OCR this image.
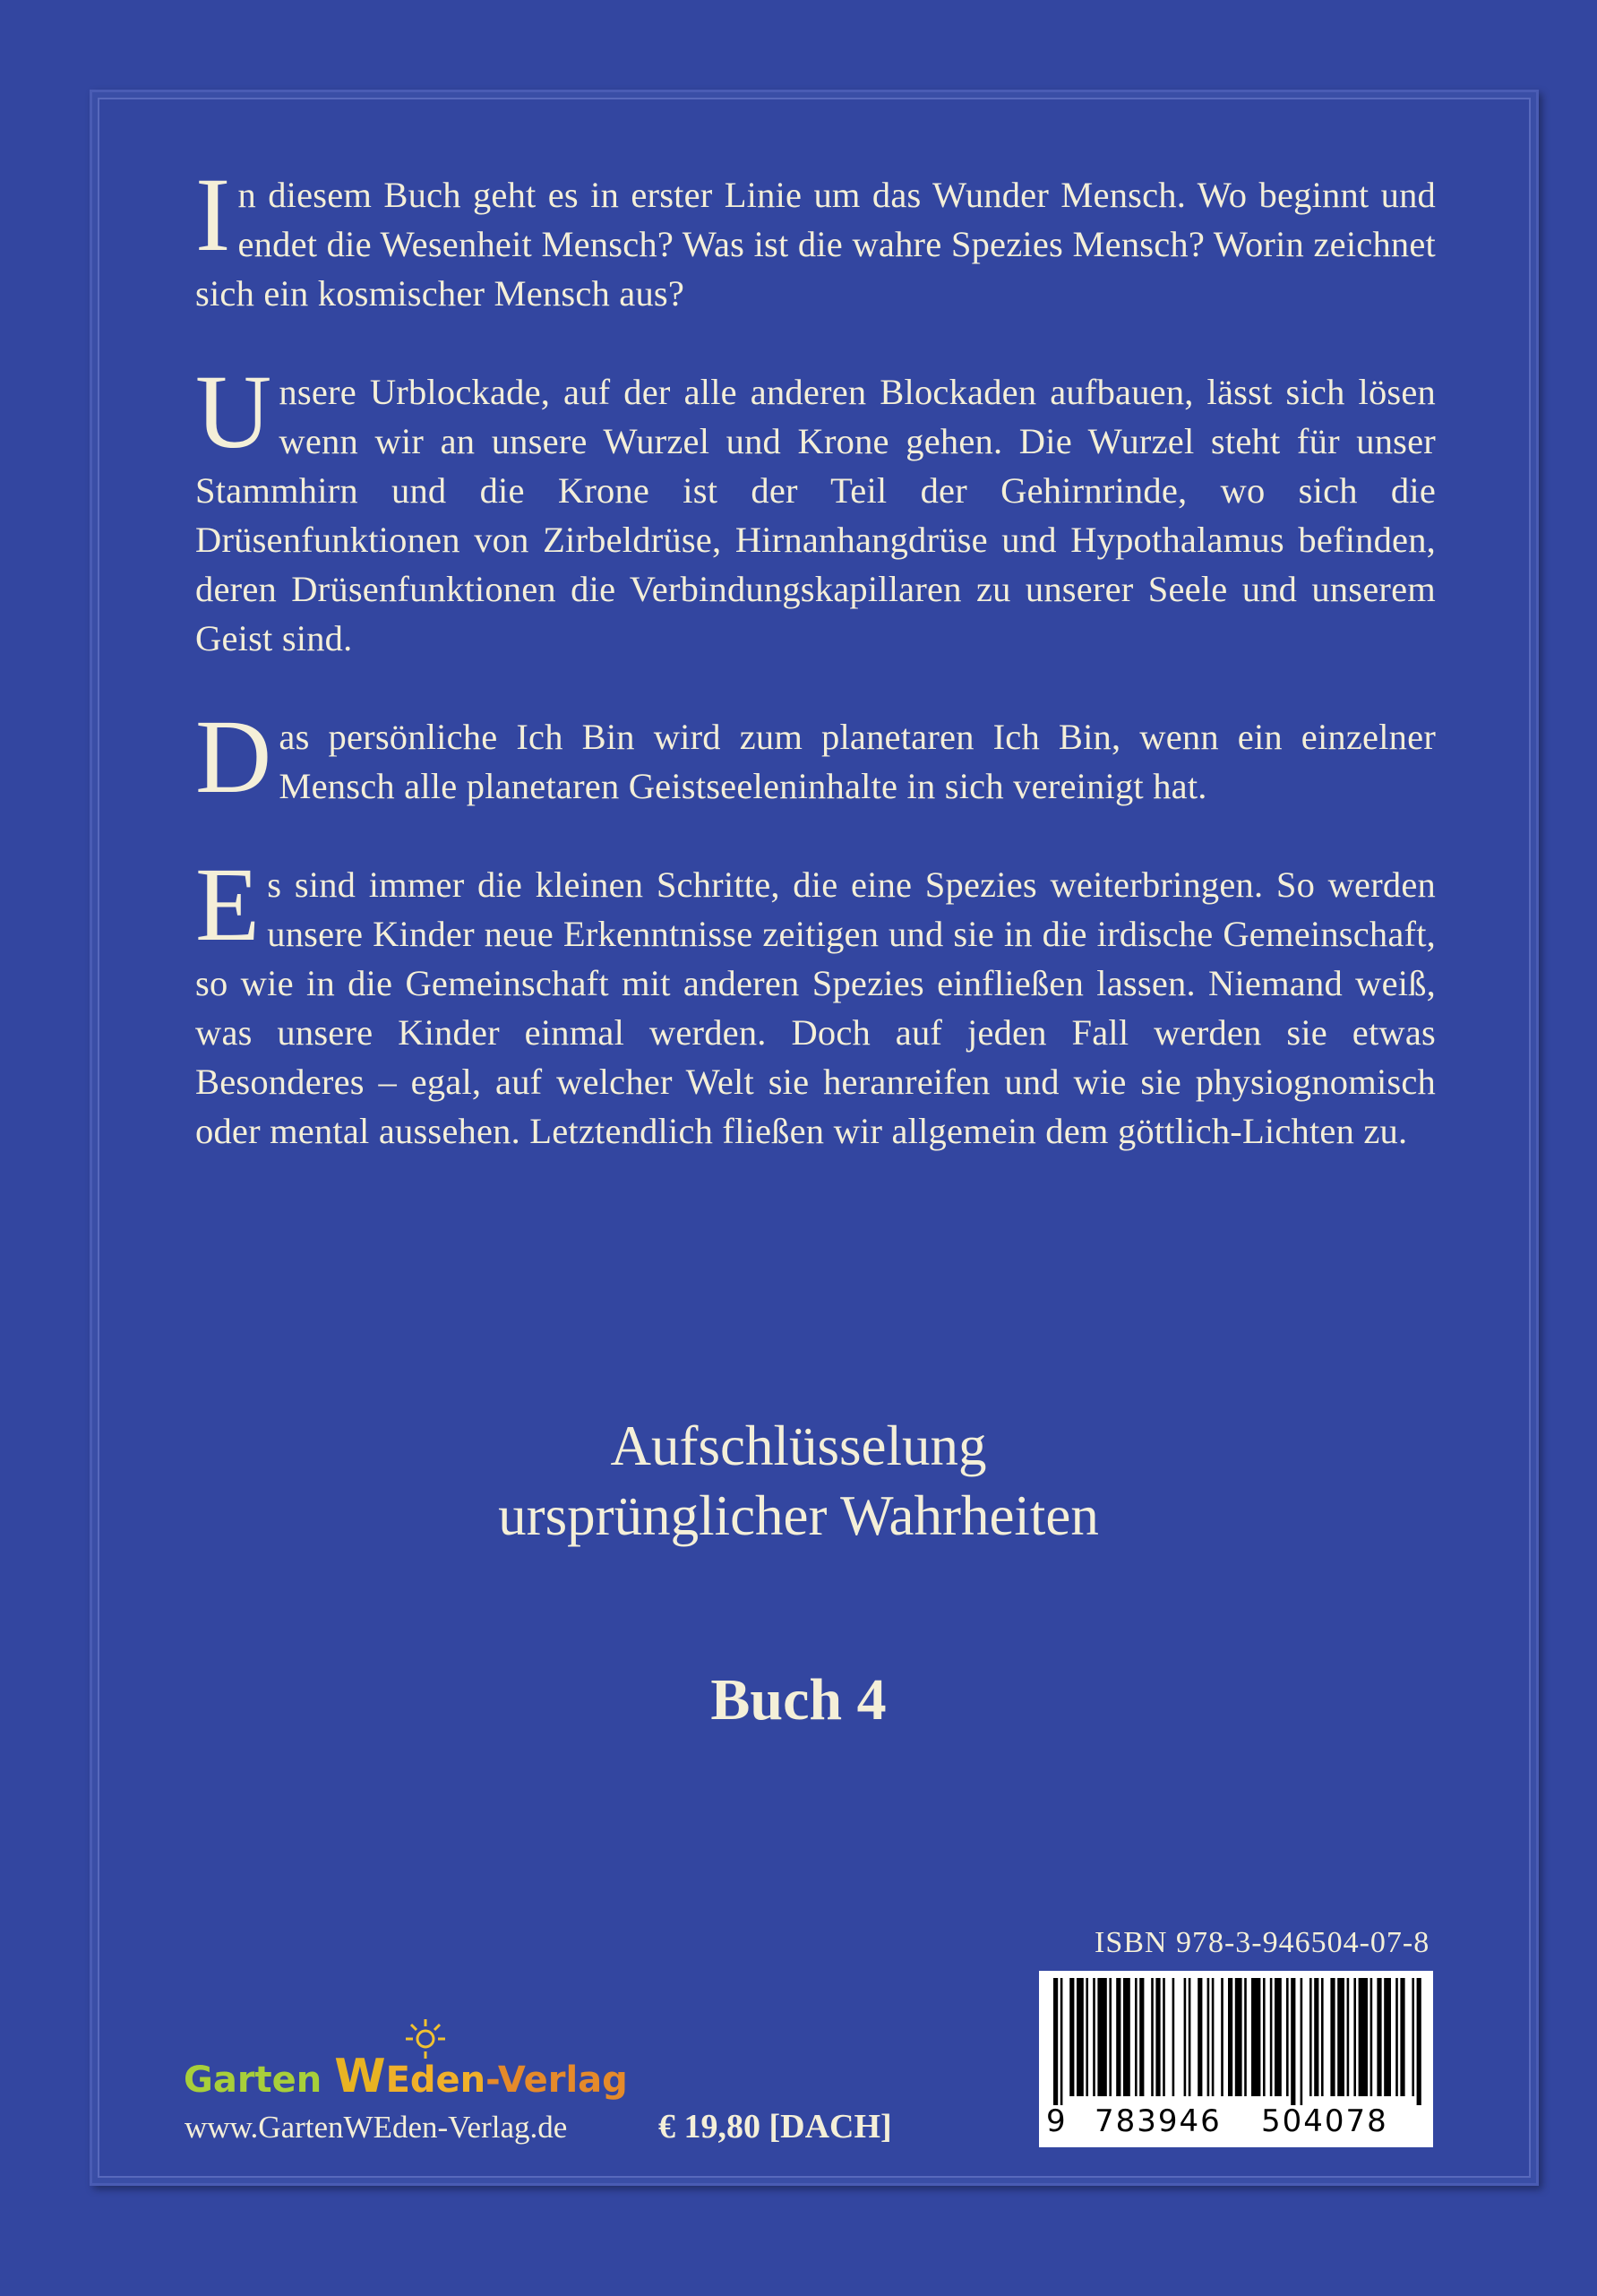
In diesem Buch geht es in erster Linie um das Wunder Mensch. Wo beginnt und endet die Wesenheit Mensch? Was ist die wahre Spezies Mensch? Worin zeichnet sich ein kosmischer Mensch aus?

Unsere Urblockade, auf der alle anderen Blockaden aufbauen, lässt sich lösen wenn wir an unsere Wurzel und Krone gehen. Die Wurzel steht für unser Stammhirn und die Krone ist der Teil der Gehirnrinde, wo sich die Drüsenfunktionen von Zirbeldrüse, Hirnanhangdrüse und Hypothalamus befinden, deren Drüsenfunktionen die Verbindungskapillaren zu unserer Seele und unserem Geist sind.

Das persönliche Ich Bin wird zum planetaren Ich Bin, wenn ein einzelner Mensch alle planetaren Geistseeleninhalte in sich vereinigt hat.

Es sind immer die kleinen Schritte, die eine Spezies weiterbringen. So werden unsere Kinder neue Erkenntnisse zeitigen und sie in die irdische Gemeinschaft, so wie in die Gemeinschaft mit anderen Spezies einfließen lassen. Niemand weiß, was unsere Kinder einmal werden. Doch auf jeden Fall werden sie etwas Besonderes – egal, auf welcher Welt sie heranreifen und wie sie physiognomisch oder mental aussehen. Letztendlich fließen wir allgemein dem göttlich-Lichten zu.

Aufschlüsselung
ursprünglicher Wahrheiten
Buch 4
ISBN 978-3-946504-07-8
9 783946 504078
Garten WEden-Verlag
www.GartenWEden-Verlag.de	€ 19,80 [DACH]
